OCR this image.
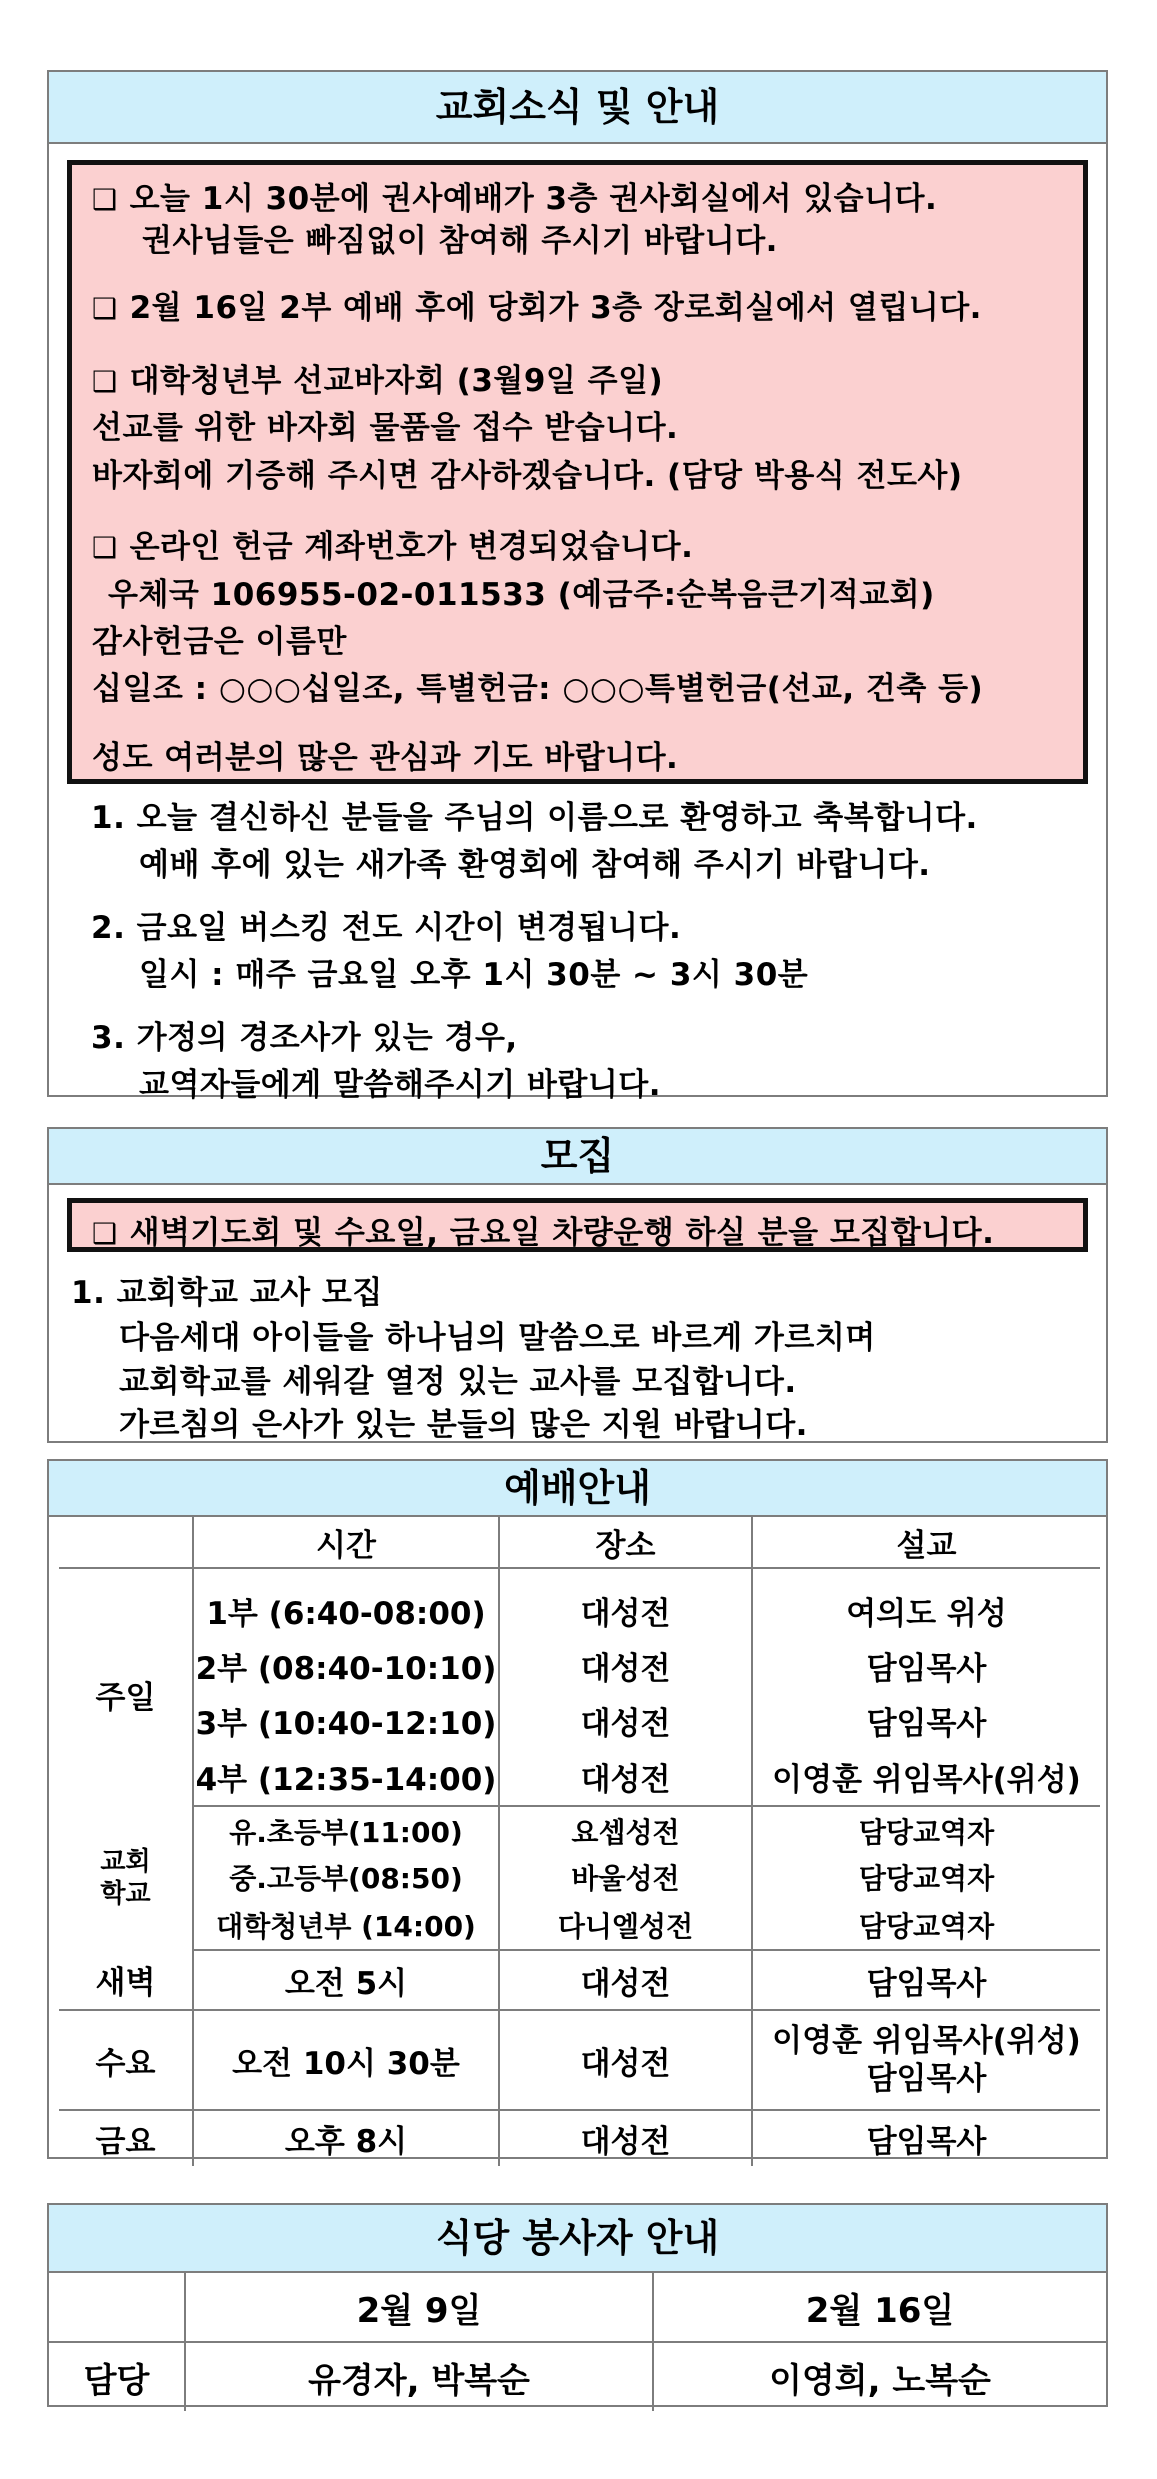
교회소식 및 안내
❑ 오늘 1시 30분에 권사예배가 3층 권사회실에서 있습니다.
권사님들은 빠짐없이 참여해 주시기 바랍니다.
❑ 2월 16일 2부 예배 후에 당회가 3층 장로회실에서 열립니다.
❑ 대학청년부 선교바자회 (3월9일 주일)
선교를 위한 바자회 물품을 접수 받습니다.
바자회에 기증해 주시면 감사하겠습니다. (담당 박용식 전도사)
❑ 온라인 헌금 계좌번호가 변경되었습니다.
우체국 106955-02-011533 (예금주:순복음큰기적교회)
감사헌금은 이름만
십일조 : ○○○십일조, 특별헌금: ○○○특별헌금(선교, 건축 등)
성도 여러분의 많은 관심과 기도 바랍니다.
1. 오늘 결신하신 분들을 주님의 이름으로 환영하고 축복합니다.
예배 후에 있는 새가족 환영회에 참여해 주시기 바랍니다.
2. 금요일 버스킹 전도 시간이 변경됩니다.
일시 : 매주 금요일 오후 1시 30분 ~ 3시 30분
3. 가정의 경조사가 있는 경우,
교역자들에게 말씀해주시기 바랍니다.
모집
❑ 새벽기도회 및 수요일, 금요일 차량운행 하실 분을 모집합니다.
1. 교회학교 교사 모집
다음세대 아이들을 하나님의 말씀으로 바르게 가르치며
교회학교를 세워갈 열정 있는 교사를 모집합니다.
가르침의 은사가 있는 분들의 많은 지원 바랍니다.
예배안내
	시간	장소	설교

주일	1부 (6:40-08:00)	대성전	여의도 위성
	2부 (08:40-10:10)	대성전	담임목사
	3부 (10:40-12:10)	대성전	담임목사
	4부 (12:35-14:00)	대성전	이영훈 위임목사(위성)
교회
학교	유.초등부(11:00)	요셉성전	담당교역자
	중.고등부(08:50)	바울성전	담당교역자
	대학청년부 (14:00)	다니엘성전	담당교역자
새벽	오전 5시	대성전	담임목사
수요	오전 10시 30분	대성전	이영훈 위임목사(위성)
담임목사
금요	오후 8시	대성전	담임목사
식당 봉사자 안내
	2월 9일	2월 16일
담당	유경자, 박복순	이영희, 노복순
